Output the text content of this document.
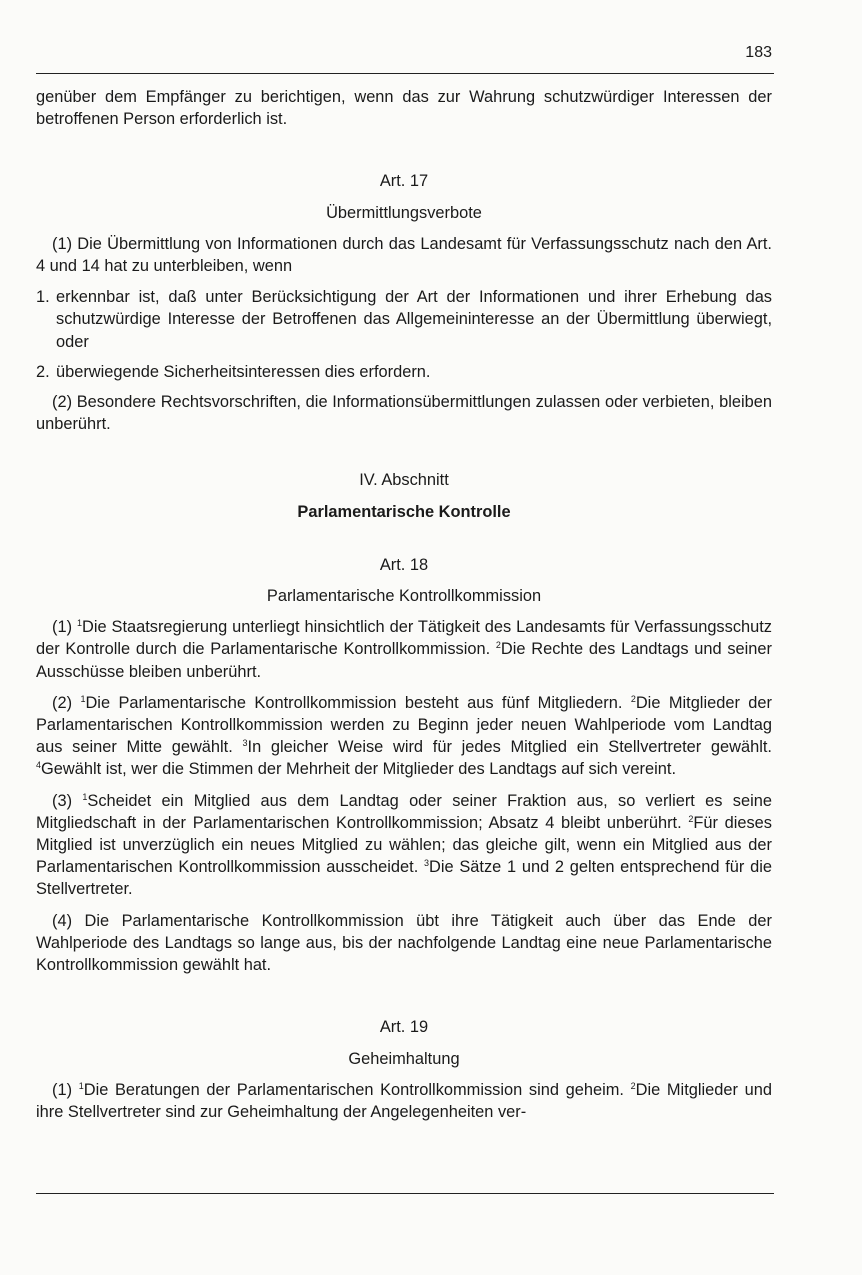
183

genüber dem Empfänger zu berichtigen, wenn das zur Wahrung schutzwürdiger Interessen der betroffenen Person erforderlich ist.

Art. 17

Übermittlungsverbote

(1) Die Übermittlung von Informationen durch das Landesamt für Verfassungsschutz nach den Art. 4 und 14 hat zu unterbleiben, wenn

1. erkennbar ist, daß unter Berücksichtigung der Art der Informationen und ihrer Erhebung das schutzwürdige Interesse der Betroffenen das Allgemeininteresse an der Übermittlung überwiegt, oder
2. überwiegende Sicherheitsinteressen dies erfordern.

(2) Besondere Rechtsvorschriften, die Informationsübermittlungen zulassen oder verbieten, bleiben unberührt.

IV. Abschnitt

Parlamentarische Kontrolle

Art. 18

Parlamentarische Kontrollkommission

(1) $^1$Die Staatsregierung unterliegt hinsichtlich der Tätigkeit des Landesamts für Verfassungsschutz der Kontrolle durch die Parlamentarische Kontrollkommission. $^2$Die Rechte des Landtags und seiner Ausschüsse bleiben unberührt.

(2) $^1$Die Parlamentarische Kontrollkommission besteht aus fünf Mitgliedern. $^2$Die Mitglieder der Parlamentarischen Kontrollkommission werden zu Beginn jeder neuen Wahlperiode vom Landtag aus seiner Mitte gewählt. $^3$In gleicher Weise wird für jedes Mitglied ein Stellvertreter gewählt. $^4$Gewählt ist, wer die Stimmen der Mehrheit der Mitglieder des Landtags auf sich vereint.

(3) $^1$Scheidet ein Mitglied aus dem Landtag oder seiner Fraktion aus, so verliert es seine Mitgliedschaft in der Parlamentarischen Kontrollkommission; Absatz 4 bleibt unberührt. $^2$Für dieses Mitglied ist unverzüglich ein neues Mitglied zu wählen; das gleiche gilt, wenn ein Mitglied aus der Parlamentarischen Kontrollkommission ausscheidet. $^3$Die Sätze 1 und 2 gelten entsprechend für die Stellvertreter.

(4) Die Parlamentarische Kontrollkommission übt ihre Tätigkeit auch über das Ende der Wahlperiode des Landtags so lange aus, bis der nachfolgende Landtag eine neue Parlamentarische Kontrollkommission gewählt hat.

Art. 19

Geheimhaltung

(1) $^1$Die Beratungen der Parlamentarischen Kontrollkommission sind geheim. $^2$Die Mitglieder und ihre Stellvertreter sind zur Geheimhaltung der Angelegenheiten ver-
